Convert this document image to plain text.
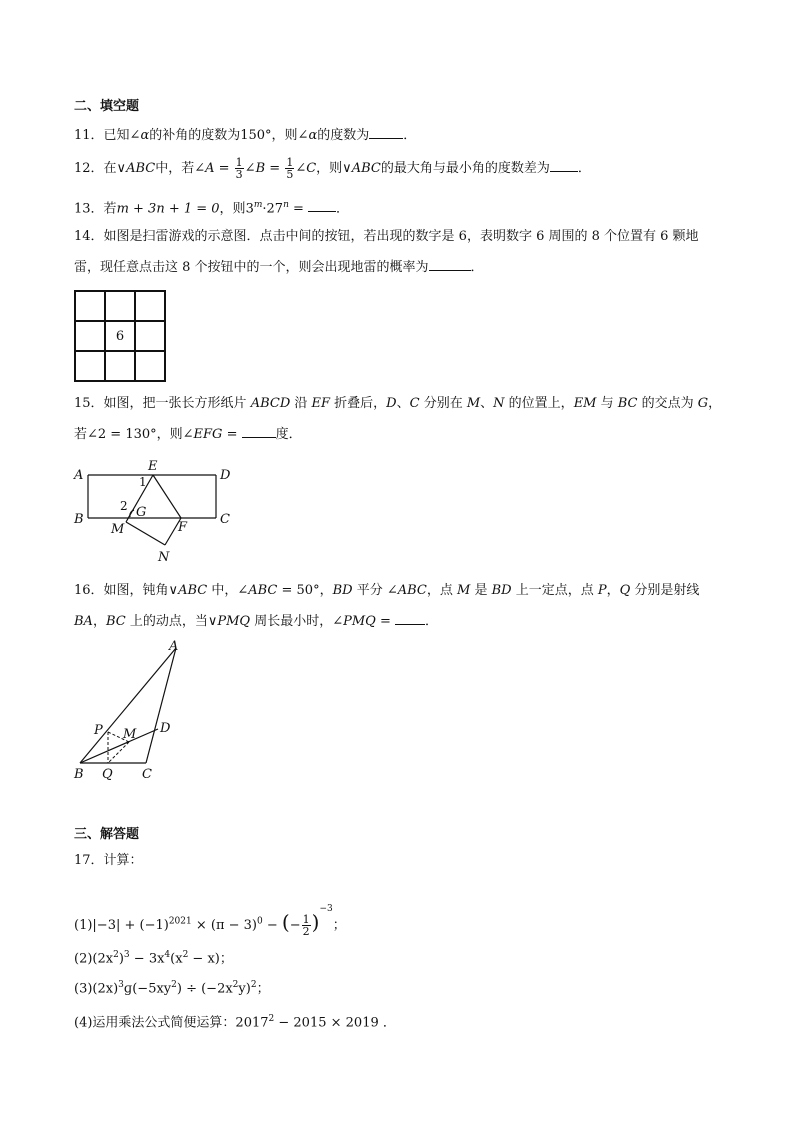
二、填空题
11．已知∠α的补角的度数为150°，则∠α的度数为	．
12．在∨ABC中，若∠A = $\frac{1}{3}$ ∠B = $\frac{1}{5}$ ∠C，则∨ABC的最大角与最小角的度数差为 ．
13．若m + 3n + 1 = 0，则$3^m\cdot 27^n$ = ．
14．如图是扫雷游戏的示意图．点击中间的按钮，若出现的数字是 6，表明数字 6 周围的 8 个位置有 6 颗地
雷，现任意点击这 8 个按钮中的一个，则会出现地雷的概率为	．
6
15．如图，把一张长方形纸片 ABCD 沿 EF 折叠后，D、C 分别在 M、N 的位置上，EM 与 BC 的交点为 G，
若∠2 = 130°，则∠EFG =	度．
A
E
D
B	C
M
G
F
N
1
2
16．如图，钝角∨ABC 中，∠ABC = 50°，BD 平分 ∠ABC，点 M 是 BD 上一定点，点 P，Q 分别是射线
BA，BC 上的动点，当∨PMQ 周长最小时，∠PMQ = ．
A
D
P M
B Q C
三、解答题
17．计算：
$(1)|-3| + (-1)^{2021} \times (\pi - 3)^0$ − (− $\frac{1}{2} )^{-3}$；
$(2)(2x^2)^3 - 3x^4(x^2 - x)$；
$(3)(2x)^3ɡ(-5xy^2) \div (-2x^2y)^2$；
(4)运用乘法公式简便运算：$2017^2 - 2015 \times 2019$ ．
